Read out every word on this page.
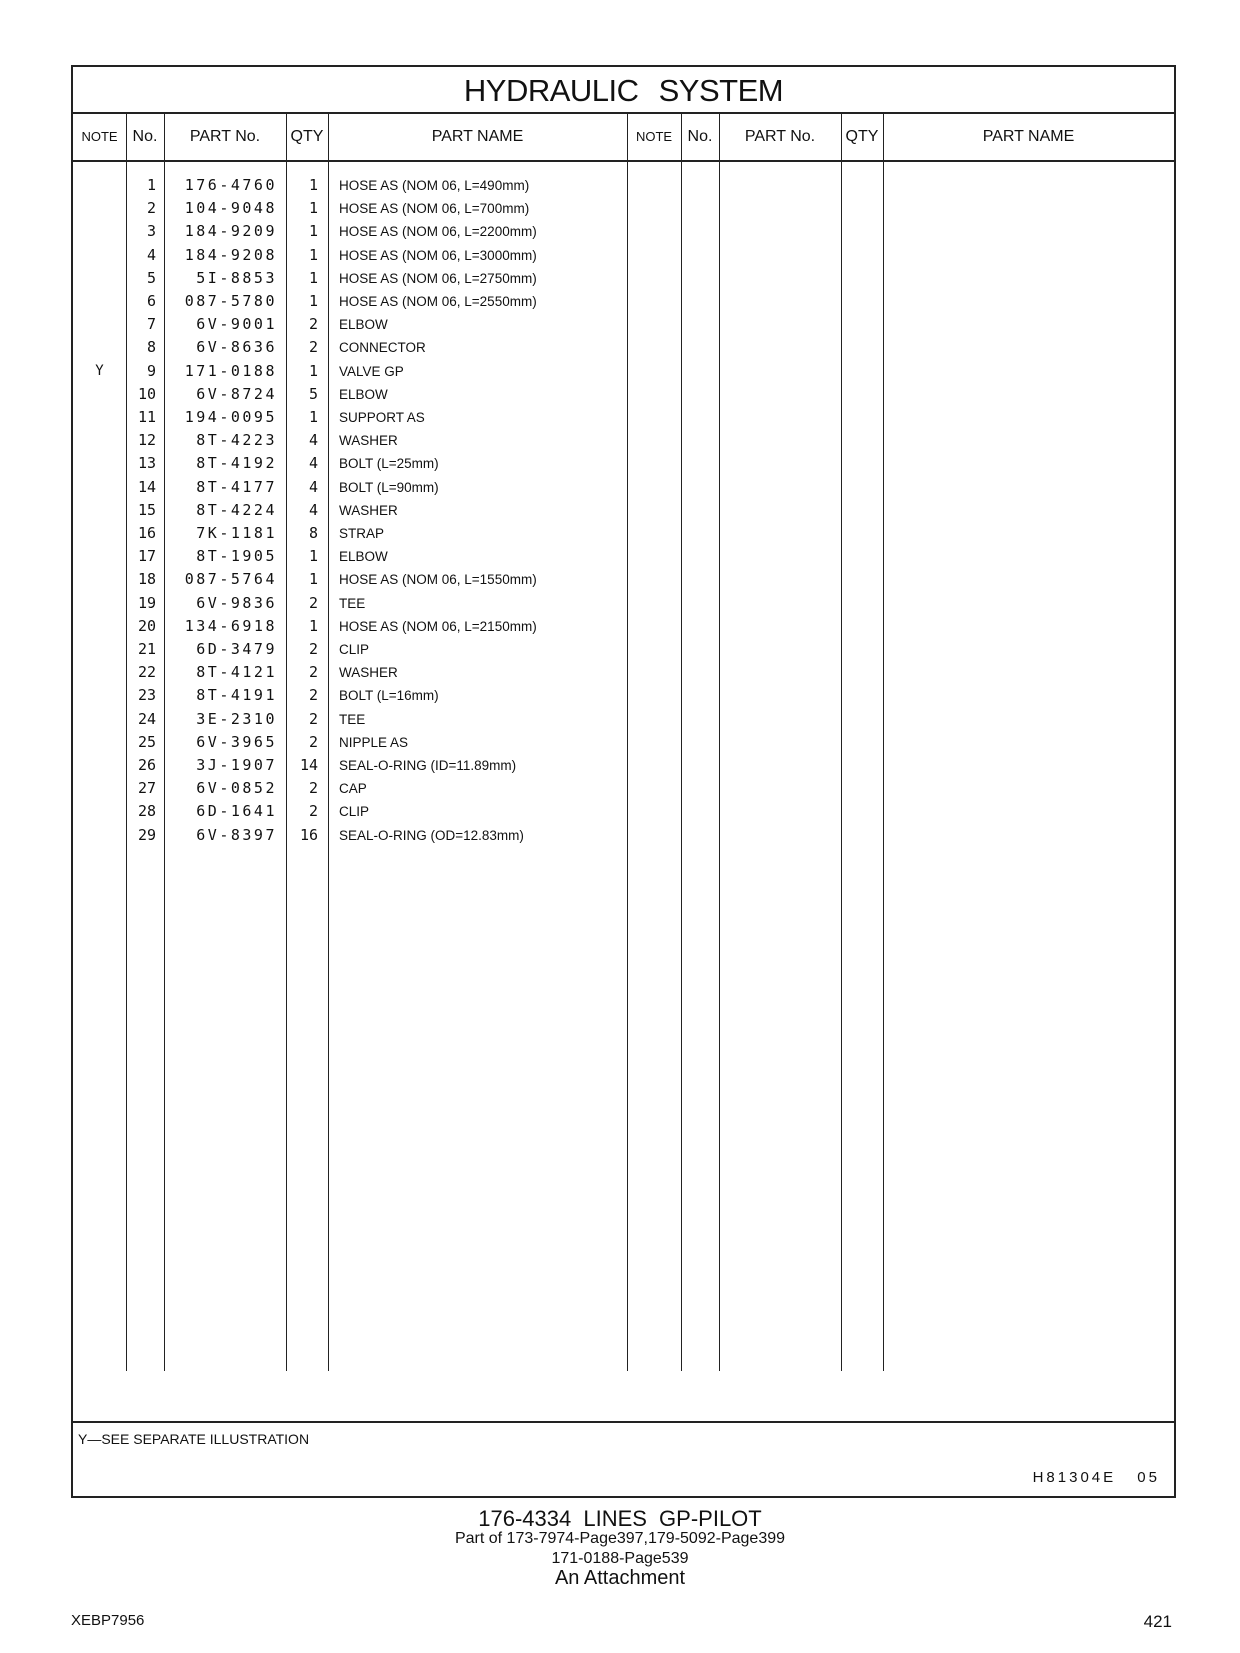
HYDRAULIC SYSTEM
NOTE No.	PART No.	QTY	PART NAME	NOTE No.	PART No.	QTY	PART NAME
1	176-4760	1 HOSE AS (NOM 06, L=490mm)
2	104-9048	1 HOSE AS (NOM 06, L=700mm)
3	184-9209	1 HOSE AS (NOM 06, L=2200mm)
4	184-9208	1 HOSE AS (NOM 06, L=3000mm)
5	5I-8853	1 HOSE AS (NOM 06, L=2750mm)
6	087-5780	1 HOSE AS (NOM 06, L=2550mm)
7	6V-9001	2 ELBOW
8	6V-8636	2 CONNECTOR
Y	9	171-0188	1 VALVE GP
10	6V-8724	5 ELBOW
11	194-0095	1 SUPPORT AS
12	8T-4223	4 WASHER
13	8T-4192	4 BOLT (L=25mm)
14	8T-4177	4 BOLT (L=90mm)
15	8T-4224	4 WASHER
16	7K-1181	8 STRAP
17	8T-1905	1 ELBOW
18	087-5764	1 HOSE AS (NOM 06, L=1550mm)
19	6V-9836	2 TEE
20	134-6918	1 HOSE AS (NOM 06, L=2150mm)
21	6D-3479	2 CLIP
22	8T-4121	2 WASHER
23	8T-4191	2 BOLT (L=16mm)
24	3E-2310	2 TEE
25	6V-3965	2 NIPPLE AS
26	3J-1907	14 SEAL-O-RING (ID=11.89mm)
27	6V-0852	2 CAP
28	6D-1641	2 CLIP
29	6V-8397	16 SEAL-O-RING (OD=12.83mm)
Y—SEE SEPARATE ILLUSTRATION
H81304E 05
176-4334 LINES GP-PILOT
Part of 173-7974-Page397,179-5092-Page399
171-0188-Page539
An Attachment
XEBP7956	421
